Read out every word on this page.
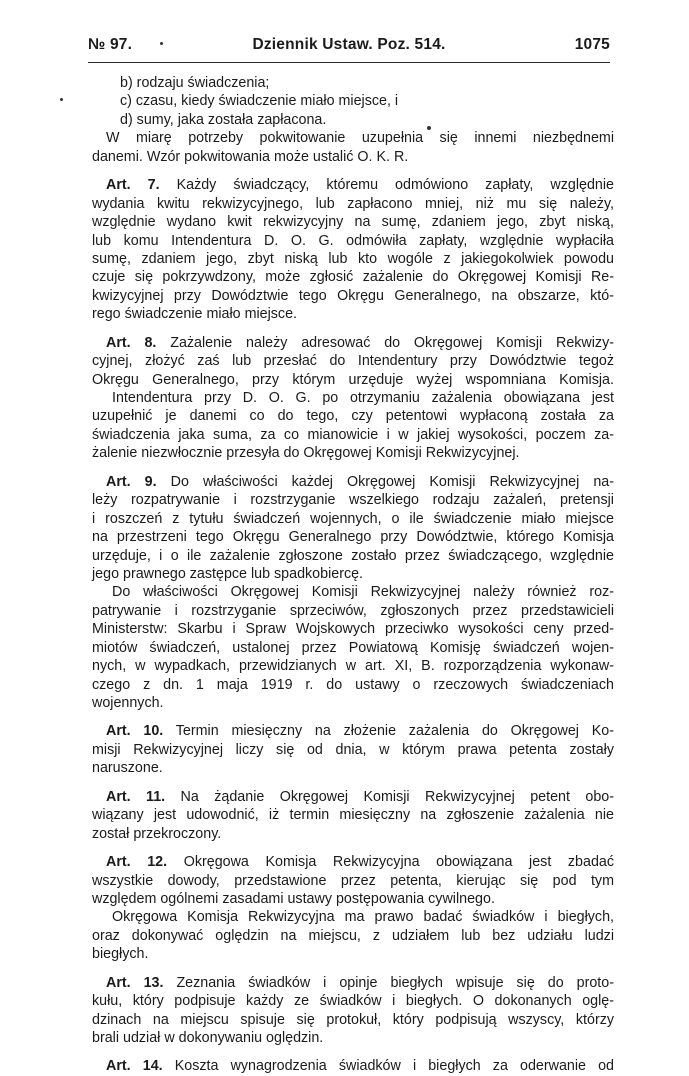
№ 97.	Dziennik Ustaw. Poz. 514.	1075
b) rodzaju świadczenia;
c) czasu, kiedy świadczenie miało miejsce, i
d) sumy, jaka została zapłacona.
W miarę potrzeby pokwitowanie uzupełnia się innemi niezbędnemi
danemi. Wzór pokwitowania może ustalić O. K. R.
Art. 7. Każdy świadczący, któremu odmówiono zapłaty, względnie
wydania kwitu rekwizycyjnego, lub zapłacono mniej, niż mu się należy,
względnie wydano kwit rekwizycyjny na sumę, zdaniem jego, zbyt niską,
lub komu Intendentura D. O. G. odmówiła zapłaty, względnie wypłaciła
sumę, zdaniem jego, zbyt niską lub kto wogóle z jakiegokolwiek powodu
czuje się pokrzywdzony, może zgłosić zażalenie do Okręgowej Komisji Re-
kwizycyjnej przy Dowództwie tego Okręgu Generalnego, na obszarze, któ-
rego świadczenie miało miejsce.
Art. 8. Zażalenie należy adresować do Okręgowej Komisji Rekwizy-
cyjnej, złożyć zaś lub przesłać do Intendentury przy Dowództwie tegoż
Okręgu Generalnego, przy którym urzęduje wyżej wspomniana Komisja.
Intendentura przy D. O. G. po otrzymaniu zażalenia obowiązana jest
uzupełnić je danemi co do tego, czy petentowi wypłaconą została za
świadczenia jaka suma, za co mianowicie i w jakiej wysokości, poczem za-
żalenie niezwłocznie przesyła do Okręgowej Komisji Rekwizycyjnej.
Art. 9. Do właściwości każdej Okręgowej Komisji Rekwizycyjnej na-
leży rozpatrywanie i rozstrzyganie wszelkiego rodzaju zażaleń, pretensji
i roszczeń z tytułu świadczeń wojennych, o ile świadczenie miało miejsce
na przestrzeni tego Okręgu Generalnego przy Dowództwie, którego Komisja
urzęduje, i o ile zażalenie zgłoszone zostało przez świadczącego, względnie
jego prawnego zastępce lub spadkobiercę.
Do właściwości Okręgowej Komisji Rekwizycyjnej należy również roz-
patrywanie i rozstrzyganie sprzeciwów, zgłoszonych przez przedstawicieli
Ministerstw: Skarbu i Spraw Wojskowych przeciwko wysokości ceny przed-
miotów świadczeń, ustalonej przez Powiatową Komisję świadczeń wojen-
nych, w wypadkach, przewidzianych w art. XI, B. rozporządzenia wykonaw-
czego z dn. 1 maja 1919 r. do ustawy o rzeczowych świadczeniach
wojennych.
Art. 10. Termin miesięczny na złożenie zażalenia do Okręgowej Ko-
misji Rekwizycyjnej liczy się od dnia, w którym prawa petenta zostały
naruszone.
Art. 11. Na żądanie Okręgowej Komisji Rekwizycyjnej petent obo-
wiązany jest udowodnić, iż termin miesięczny na zgłoszenie zażalenia nie
został przekroczony.
Art. 12. Okręgowa Komisja Rekwizycyjna obowiązana jest zbadać
wszystkie dowody, przedstawione przez petenta, kierując się pod tym
względem ogólnemi zasadami ustawy postępowania cywilnego.
Okręgowa Komisja Rekwizycyjna ma prawo badać świadków i biegłych,
oraz dokonywać oględzin na miejscu, z udziałem lub bez udziału ludzi
biegłych.
Art. 13. Zeznania świadków i opinje biegłych wpisuje się do proto-
kułu, który podpisuje każdy ze świadków i biegłych. O dokonanych oglę-
dzinach na miejscu spisuje się protokuł, który podpisują wszyscy, którzy
brali udział w dokonywaniu oględzin.
Art. 14. Koszta wynagrodzenia świadków i biegłych za oderwanie od
